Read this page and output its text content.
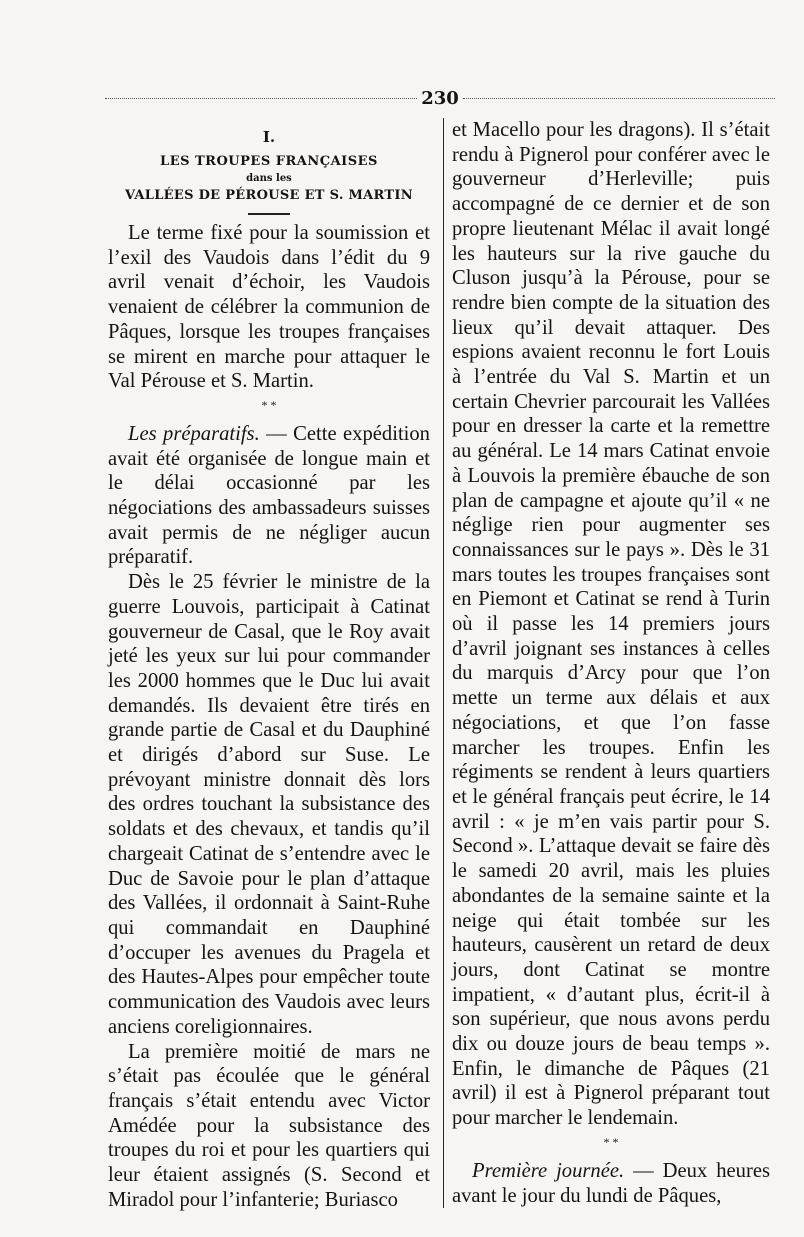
230
I.
LES TROUPES FRANÇAISES
dans les
VALLÉES DE PÉROUSE ET S. MARTIN

Le terme fixé pour la soumission et l’exil des Vaudois dans l’édit du 9 avril venait d’échoir, les Vaudois venaient de célébrer la communion de Pâques, lorsque les troupes françaises se mirent en marche pour attaquer le Val Pérouse et S. Martin.

* *

Les préparatifs. — Cette expédition avait été organisée de longue main et le délai occasionné par les négociations des ambassadeurs suisses avait permis de ne négliger aucun préparatif.

Dès le 25 février le ministre de la guerre Louvois, participait à Catinat gouverneur de Casal, que le Roy avait jeté les yeux sur lui pour commander les 2000 hommes que le Duc lui avait demandés. Ils devaient être tirés en grande partie de Casal et du Dauphiné et dirigés d’abord sur Suse. Le prévoyant ministre donnait dès lors des ordres touchant la subsistance des soldats et des chevaux, et tandis qu’il chargeait Catinat de s’entendre avec le Duc de Savoie pour le plan d’attaque des Vallées, il ordonnait à Saint-Ruhe qui commandait en Dauphiné d’occuper les avenues du Pragela et des Hautes-Alpes pour empêcher toute communication des Vaudois avec leurs anciens coreligionnaires.

La première moitié de mars ne s’était pas écoulée que le général français s’était entendu avec Victor Amédée pour la subsistance des troupes du roi et pour les quartiers qui leur étaient assignés (S. Second et Miradol pour l’infanterie; Buriasco

et Macello pour les dragons). Il s’était rendu à Pignerol pour conférer avec le gouverneur d’Herleville; puis accompagné de ce dernier et de son propre lieutenant Mélac il avait longé les hauteurs sur la rive gauche du Cluson jusqu’à la Pérouse, pour se rendre bien compte de la situation des lieux qu’il devait attaquer. Des espions avaient reconnu le fort Louis à l’entrée du Val S. Martin et un certain Chevrier parcourait les Vallées pour en dresser la carte et la remettre au général. Le 14 mars Catinat envoie à Louvois la première ébauche de son plan de campagne et ajoute qu’il « ne néglige rien pour augmenter ses connaissances sur le pays ». Dès le 31 mars toutes les troupes françaises sont en Piemont et Catinat se rend à Turin où il passe les 14 premiers jours d’avril joignant ses instances à celles du marquis d’Arcy pour que l’on mette un terme aux délais et aux négociations, et que l’on fasse marcher les troupes. Enfin les régiments se rendent à leurs quartiers et le général français peut écrire, le 14 avril : « je m’en vais partir pour S. Second ». L’attaque devait se faire dès le samedi 20 avril, mais les pluies abondantes de la semaine sainte et la neige qui était tombée sur les hauteurs, causèrent un retard de deux jours, dont Catinat se montre impatient, « d’autant plus, écrit-il à son supérieur, que nous avons perdu dix ou douze jours de beau temps ». Enfin, le dimanche de Pâques (21 avril) il est à Pignerol préparant tout pour marcher le lendemain.

* *

Première journée. — Deux heures avant le jour du lundi de Pâques,
